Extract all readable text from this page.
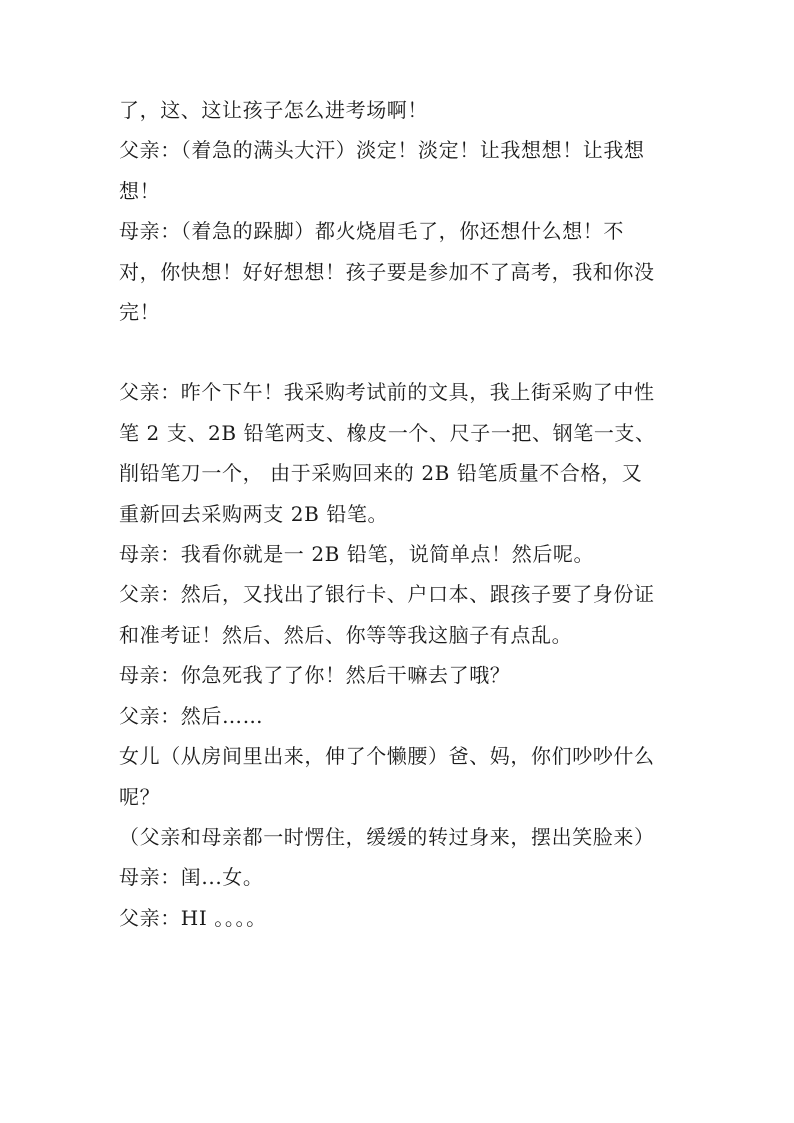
了，这、这让孩子怎么进考场啊！

父亲：（着急的满头大汗）淡定！淡定！让我想想！让我想想！

母亲：（着急的跺脚）都火烧眉毛了，你还想什么想！不对，你快想！好好想想！孩子要是参加不了高考，我和你没完！

父亲：昨个下午！我采购考试前的文具，我上街采购了中性笔 2 支、2B 铅笔两支、橡皮一个、尺子一把、钢笔一支、削铅笔刀一个， 由于采购回来的 2B 铅笔质量不合格，又重新回去采购两支 2B 铅笔。

母亲：我看你就是一 2B 铅笔，说简单点！然后呢。

父亲：然后，又找出了银行卡、户口本、跟孩子要了身份证和准考证！然后、然后、你等等我这脑子有点乱。

母亲：你急死我了了你！然后干嘛去了哦？

父亲：然后……

女儿（从房间里出来，伸了个懒腰）爸、妈，你们吵吵什么呢？

（父亲和母亲都一时愣住，缓缓的转过身来，摆出笑脸来）

母亲：闺...女。

父亲：HI 。。。。
